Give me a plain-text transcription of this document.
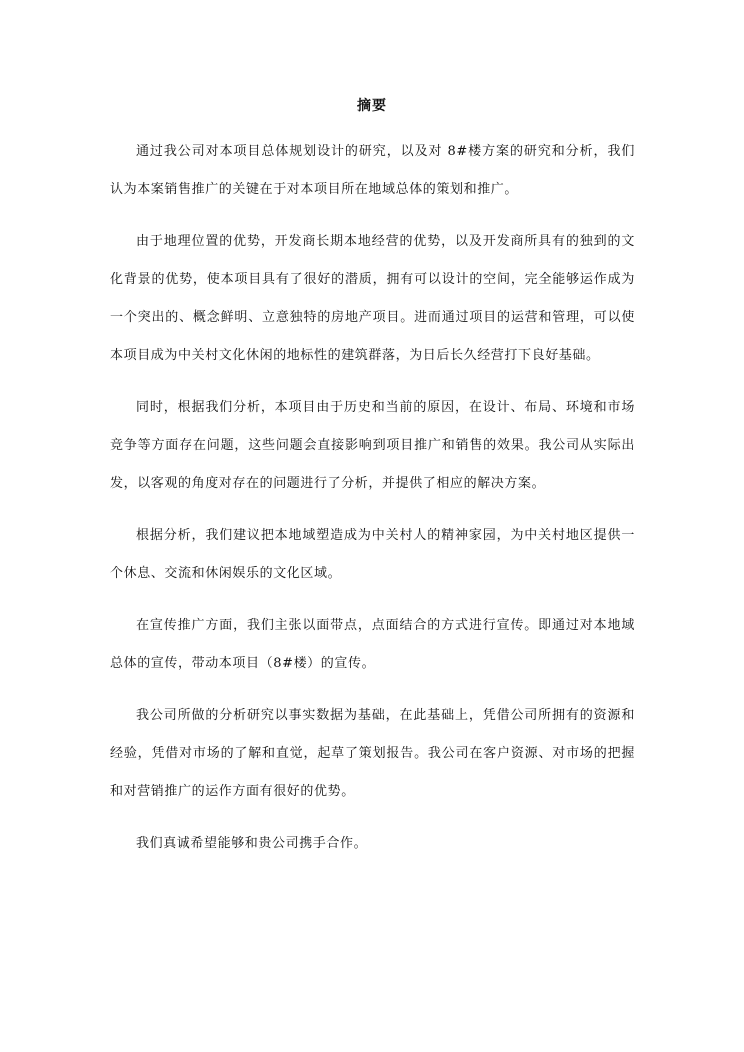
摘要

通过我公司对本项目总体规划设计的研究，以及对 8#楼方案的研究和分析，我们认为本案销售推广的关键在于对本项目所在地域总体的策划和推广。

由于地理位置的优势，开发商长期本地经营的优势，以及开发商所具有的独到的文化背景的优势，使本项目具有了很好的潜质，拥有可以设计的空间，完全能够运作成为一个突出的、概念鲜明、立意独特的房地产项目。进而通过项目的运营和管理，可以使本项目成为中关村文化休闲的地标性的建筑群落，为日后长久经营打下良好基础。

同时，根据我们分析，本项目由于历史和当前的原因，在设计、布局、环境和市场竞争等方面存在问题，这些问题会直接影响到项目推广和销售的效果。我公司从实际出发，以客观的角度对存在的问题进行了分析，并提供了相应的解决方案。

根据分析，我们建议把本地域塑造成为中关村人的精神家园，为中关村地区提供一个休息、交流和休闲娱乐的文化区域。

在宣传推广方面，我们主张以面带点，点面结合的方式进行宣传。即通过对本地域总体的宣传，带动本项目（8#楼）的宣传。

我公司所做的分析研究以事实数据为基础，在此基础上，凭借公司所拥有的资源和经验，凭借对市场的了解和直觉，起草了策划报告。我公司在客户资源、对市场的把握和对营销推广的运作方面有很好的优势。

我们真诚希望能够和贵公司携手合作。
